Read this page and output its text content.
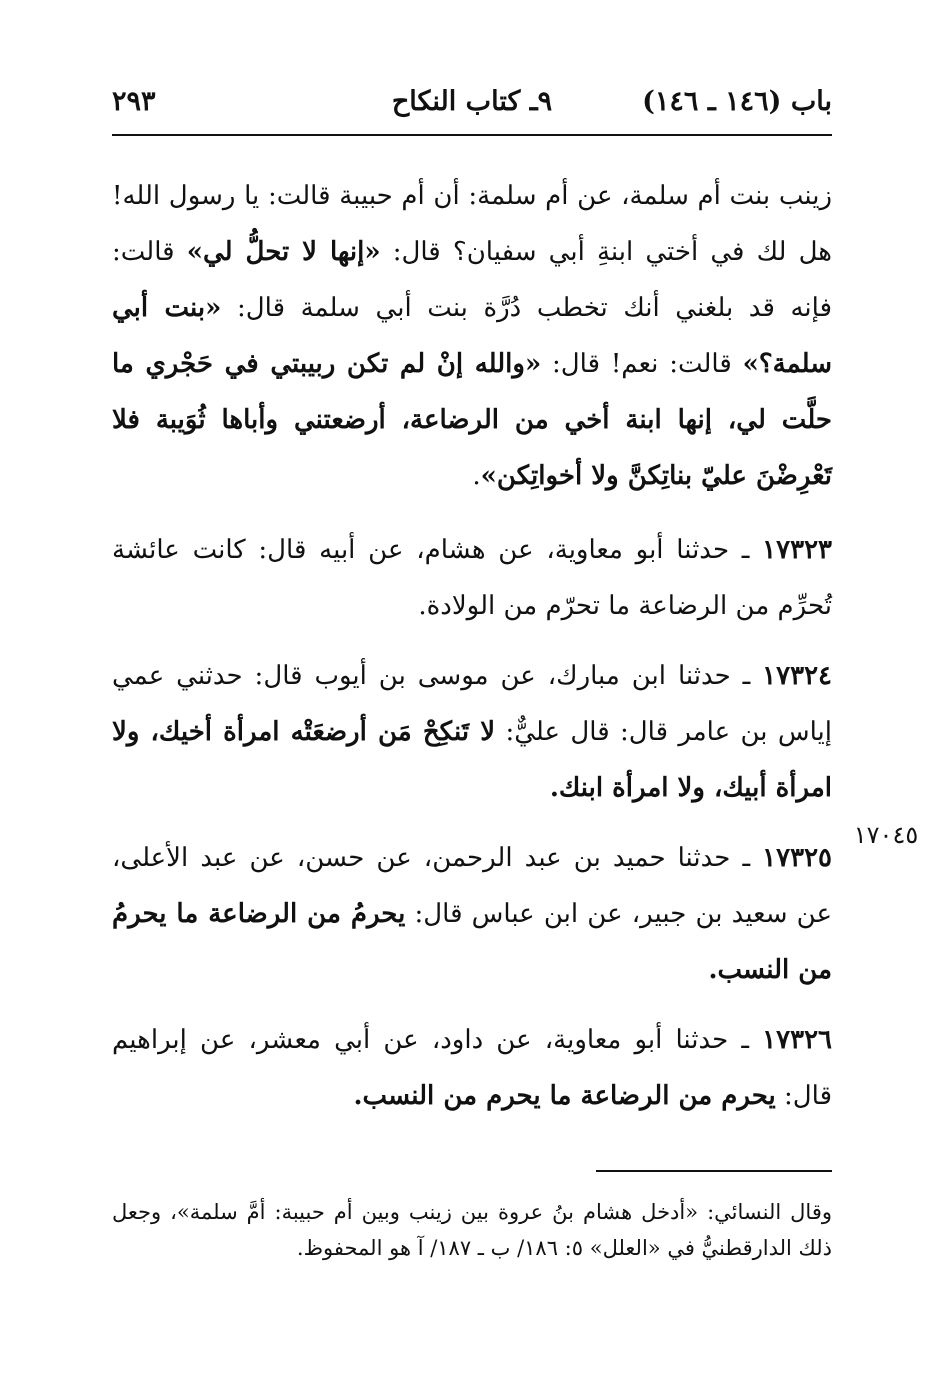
باب (١٤٦ ـ ١٤٦)
٩ـ كتاب النكاح
٢٩٣

زينب بنت أم سلمة، عن أم سلمة: أن أم حبيبة قالت: يا رسول الله! هل لك في أختي ابنةِ أبي سفيان؟ قال: «إنها لا تحلُّ لي» قالت: فإنه قد بلغني أنك تخطب دُرَّة بنت أبي سلمة قال: «بنت أبي سلمة؟» قالت: نعم! قال: «والله إنْ لم تكن ربيبتي في حَجْري ما حلَّت لي، إنها ابنة أخي من الرضاعة، أرضعتني وأباها ثُوَيبة فلا تَعْرِضْنَ عليّ بناتِكنَّ ولا أخواتِكن».

١٧٣٢٣ ـ حدثنا أبو معاوية، عن هشام، عن أبيه قال: كانت عائشة تُحرِّم من الرضاعة ما تحرّم من الولادة.

١٧٣٢٤ ـ حدثنا ابن مبارك، عن موسى بن أيوب قال: حدثني عمي إياس بن عامر قال: قال عليٌّ: لا تَنكِحْ مَن أرضعَتْه امرأة أخيك، ولا امرأة أبيك، ولا امرأة ابنك.

١٧٣٢٥ ـ حدثنا حميد بن عبد الرحمن، عن حسن، عن عبد الأعلى، عن سعيد بن جبير، عن ابن عباس قال: يحرمُ من الرضاعة ما يحرمُ من النسب.

١٧٣٢٦ ـ حدثنا أبو معاوية، عن داود، عن أبي معشر، عن إبراهيم قال: يحرم من الرضاعة ما يحرم من النسب.

١٧٠٤٥
وقال النسائي: «أدخل هشام بنُ عروة بين زينب وبين أم حبيبة: أمَّ سلمة»، وجعل ذلك الدارقطنيُّ في «العلل» ٥: ١٨٦/ ب ـ ١٨٧/ آ هو المحفوظ.
